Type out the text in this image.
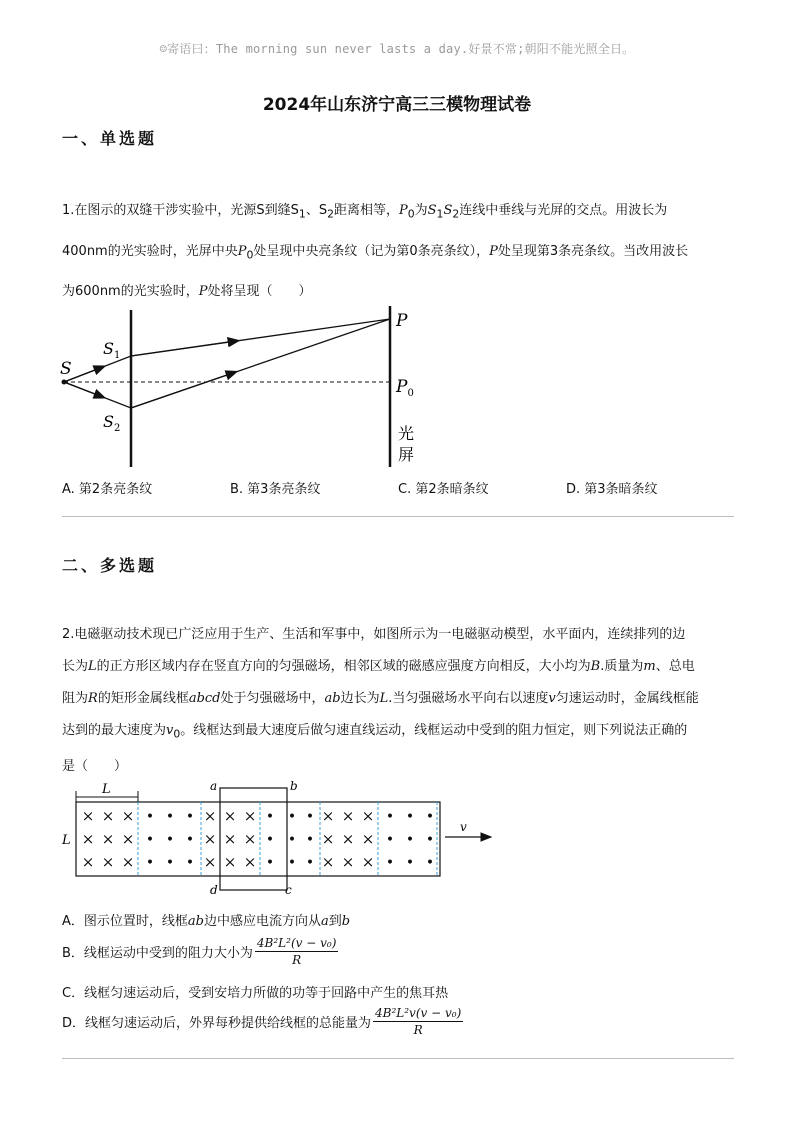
☺寄语曰：The morning sun never lasts a day.好景不常;朝阳不能光照全日。
2024年山东济宁高三三模物理试卷
一、单选题
1.在图示的双缝干涉实验中，光源S到缝$S_1$、$S_2$距离相等，$P_0$为$S_1S_2$连线中垂线与光屏的交点。用波长为
400nm的光实验时，光屏中央$P_0$处呈现中央亮条纹（记为第0条亮条纹），P处呈现第3条亮条纹。当改用波长
为600nm的光实验时，P处将呈现（　　）
S
$S_1$
$S_2$
P
$P_0$
光
屏
A. 第2条亮条纹	B. 第3条亮条纹	C. 第2条暗条纹	D. 第3条暗条纹
二、多选题
2.电磁驱动技术现已广泛应用于生产、生活和军事中，如图所示为一电磁驱动模型，水平面内，连续排列的边
长为L的正方形区域内存在竖直方向的匀强磁场，相邻区域的磁感应强度方向相反，大小均为B.质量为m、总电
阻为R的矩形金属线框abcd处于匀强磁场中，ab边长为L.当匀强磁场水平向右以速度v匀速运动时，金属线框能
达到的最大速度为$v_0$。线框达到最大速度后做匀速直线运动，线框运动中受到的阻力恒定，则下列说法正确的
是（　　）
L
L
×
×
×
×
×
×
×
×
×
•
•
•
•
•
•
•
•
•
×
×
×
×
×
×
×
×
×
•
•
•
•
•
•
•
•
•
×
×
×
×
×
×
×
×
×
•
•
•
•
•
•
•
•
•
a	b
c
d
v
A．图示位置时，线框ab边中感应电流方向从a到b
B．线框运动中受到的阻力大小为 $\frac{\text{4B²L²(v − v₀)}}{R}$
C．线框匀速运动后，受到安培力所做的功等于回路中产生的焦耳热
D．线框匀速运动后，外界每秒提供给线框的总能量为 $\frac{\text{4B²L²v(v − v₀)}}{R}$
